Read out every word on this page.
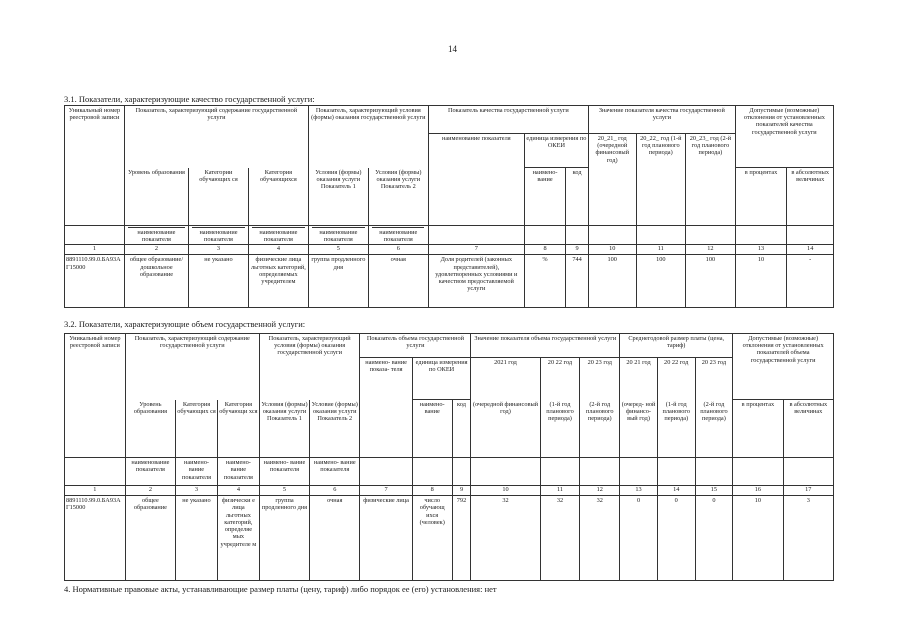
14
3.1. Показатели, характеризующие качество государственной услуги:
Уникальный номер реестровой записи	Показатель, характеризующий содержание государственной услуги			Показатель, характеризующий условия (формы) оказания государственной услуги		Показатель качества государственной услуги			Значение показателя качества государственной услуги			Допустимые (возможные) отклонения от установленных показателей качества государственной услуги	
						наименование показателя	единица измерения по ОКЕИ		20_21_ год (очередной финансовый год)	20_22_ год (1-й год планового периода)	20_23_ год (2-й год планового периода)		
	Уровень образования	Категории обучающих ся	Категория обучающихся	Условия (формы) оказания услуги Показатель 1	Условия (формы) оказания услуги Показатель 2		наимено- вание	код				в процентах	в абсолютных величинах
	наименование показателя	наименование показателя	наименование показателя	наименование показателя	наименование показателя								
1	2	3	4	5	6	7	8	9	10	11	12	13	14
8891110.99.0.БА93АГ15000	общее образование/ дошкольное образование	не указано	физические лица льготных категорий, определяемых учредителем	группа продленного дня	очная	Доля родителей (законных представителей), удовлетворенных условиями и качеством предоставляемой услуги	%	744	100	100	100	10	-
3.2. Показатели, характеризующие объем государственной услуги:
Уникальный номер реестровой записи	Показатель, характеризующий содержание государственной услуги			Показатель, характеризующий условия (формы) оказания государственной услуги		Показатель объема государственной услуги			Значение показателя объема государственной услуги			Среднегодовой размер платы (цена, тариф)			Допустимые (возможные) отклонения от установленных показателей объема государственной услуги	
						наимено- вание показа- теля	единица измерения по ОКЕИ		2021 год	20 22 год	20 23 год	20 21 год	20 22 год	20 23 год		
	Уровень образования	Категория обучающих ся	Категория обучающи хся	Условия (формы) оказания услуги Показатель 1	Условие (формы) оказания услуги Показатель 2		наимено- вание	код	(очередной финансовый год)	(1-й год планового периода)	(2-й год планового периода)	(очеред- ной финансо- вый год)	(1-й год планового периода)	(2-й год планового периода)	в процентах	в абсолютных величинах
	наименование показателя	наимено- вание показателя	наимено- вание показателя	наимено- вание показателя	наимено- вание показателя											
1	2	3	4	5	6	7	8	9	10	11	12	13	14	15	16	17
8891110.99.0.БА93АГ15000	общее образование	не указано	физически е лица льготных категорий, определяе мых учредителе м	группа продленного дня	очная	физические лица	число обучающ ихся (человек)	792	32	32	32	0	0	0	10	3
4. Нормативные правовые акты, устанавливающие размер платы (цену, тариф) либо порядок ее (его) установления: нет
